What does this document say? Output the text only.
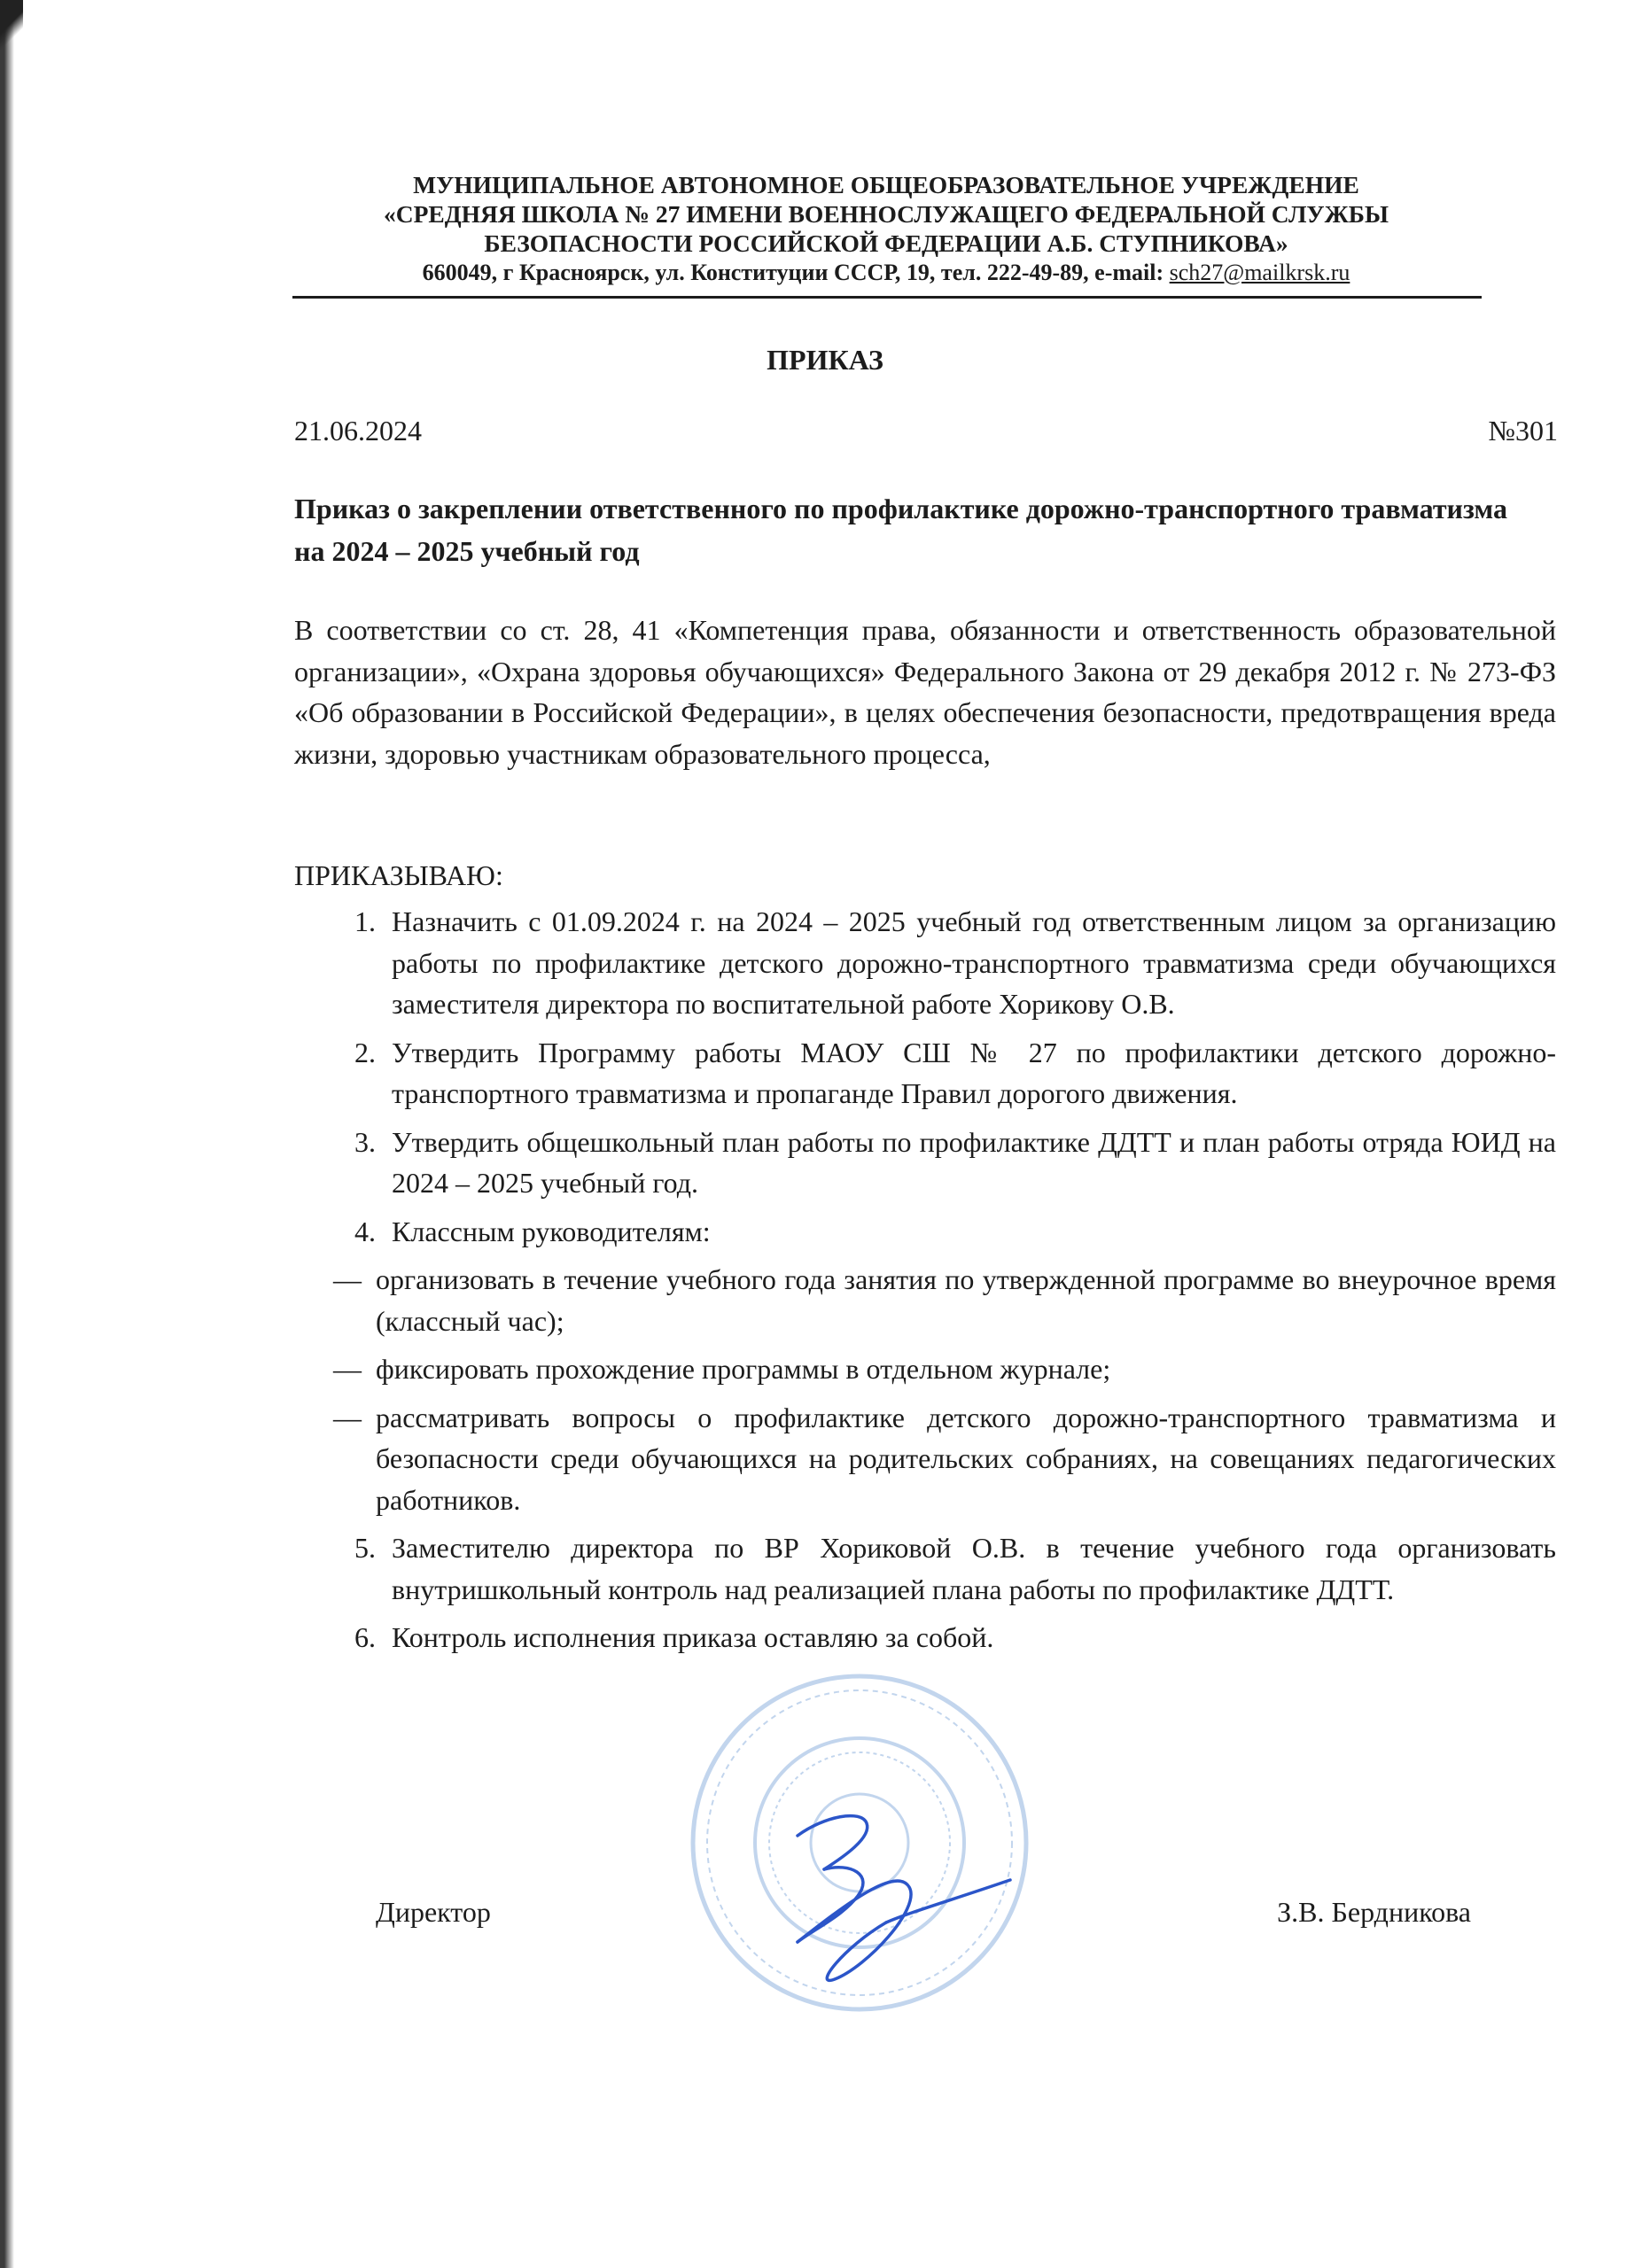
МУНИЦИПАЛЬНОЕ АВТОНОМНОЕ ОБЩЕОБРАЗОВАТЕЛЬНОЕ УЧРЕЖДЕНИЕ
«СРЕДНЯЯ ШКОЛА № 27 ИМЕНИ ВОЕННОСЛУЖАЩЕГО ФЕДЕРАЛЬНОЙ СЛУЖБЫ
БЕЗОПАСНОСТИ РОССИЙСКОЙ ФЕДЕРАЦИИ А.Б. СТУПНИКОВА»
660049, г Красноярск, ул. Конституции СССР, 19, тел. 222-49-89, e-mail: sch27@mailkrsk.ru
ПРИКАЗ
21.06.2024	№301
Приказ о закреплении ответственного по профилактике дорожно-транспортного травматизма на 2024 – 2025 учебный год
В соответствии со ст. 28, 41 «Компетенция права, обязанности и ответственность образовательной организации», «Охрана здоровья обучающихся» Федерального Закона от 29 декабря 2012 г. № 273-ФЗ «Об образовании в Российской Федерации», в целях обеспечения безопасности, предотвращения вреда жизни, здоровью участникам образовательного процесса,
ПРИКАЗЫВАЮ:
1. Назначить с 01.09.2024 г. на 2024 – 2025 учебный год ответственным лицом за организацию работы по профилактике детского дорожно-транспортного травматизма среди обучающихся заместителя директора по воспитательной работе Хорикову О.В.
2. Утвердить Программу работы МАОУ СШ № 27 по профилактики детского дорожно-транспортного травматизма и пропаганде Правил дорогого движения.
3. Утвердить общешкольный план работы по профилактике ДДТТ и план работы отряда ЮИД на 2024 – 2025 учебный год.
4. Классным руководителям:
— организовать в течение учебного года занятия по утвержденной программе во внеурочное время (классный час);
— фиксировать прохождение программы в отдельном журнале;
— рассматривать вопросы о профилактике детского дорожно-транспортного травматизма и безопасности среди обучающихся на родительских собраниях, на совещаниях педагогических работников.
5. Заместителю директора по ВР Хориковой О.В. в течение учебного года организовать внутришкольный контроль над реализацией плана работы по профилактике ДДТТ.
6. Контроль исполнения приказа оставляю за собой.
Директор	З.В. Бердникова
